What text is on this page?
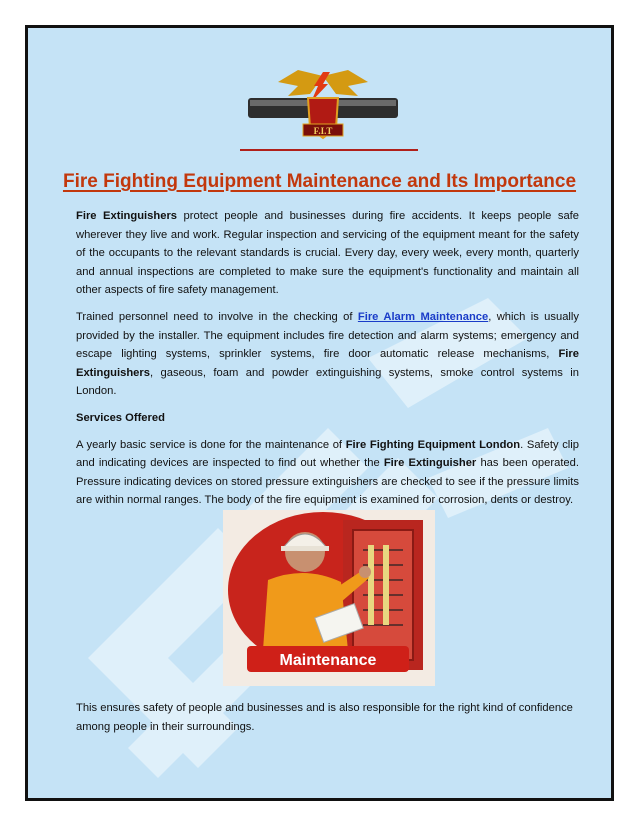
F.I.T
Fire Fighting Equipment Maintenance and Its Importance

Fire Extinguishers protect people and businesses during fire accidents. It keeps people safe wherever they live and work. Regular inspection and servicing of the equipment meant for the safety of the occupants to the relevant standards is crucial. Every day, every week, every month, quarterly and annual inspections are completed to make sure the equipment's functionality and maintain all other aspects of fire safety management.

Trained personnel need to involve in the checking of Fire Alarm Maintenance, which is usually provided by the installer. The equipment includes fire detection and alarm systems; emergency and escape lighting systems, sprinkler systems, fire door automatic release mechanisms, Fire Extinguishers, gaseous, foam and powder extinguishing systems, smoke control systems in London.

Services Offered

A yearly basic service is done for the maintenance of Fire Fighting Equipment London. Safety clip and indicating devices are inspected to find out whether the Fire Extinguisher has been operated. Pressure indicating devices on stored pressure extinguishers are checked to see if the pressure limits are within normal ranges. The body of the fire equipment is examined for corrosion, dents or destroy.

Maintenance
This ensures safety of people and businesses and is also responsible for the right kind of confidence among people in their surroundings.
